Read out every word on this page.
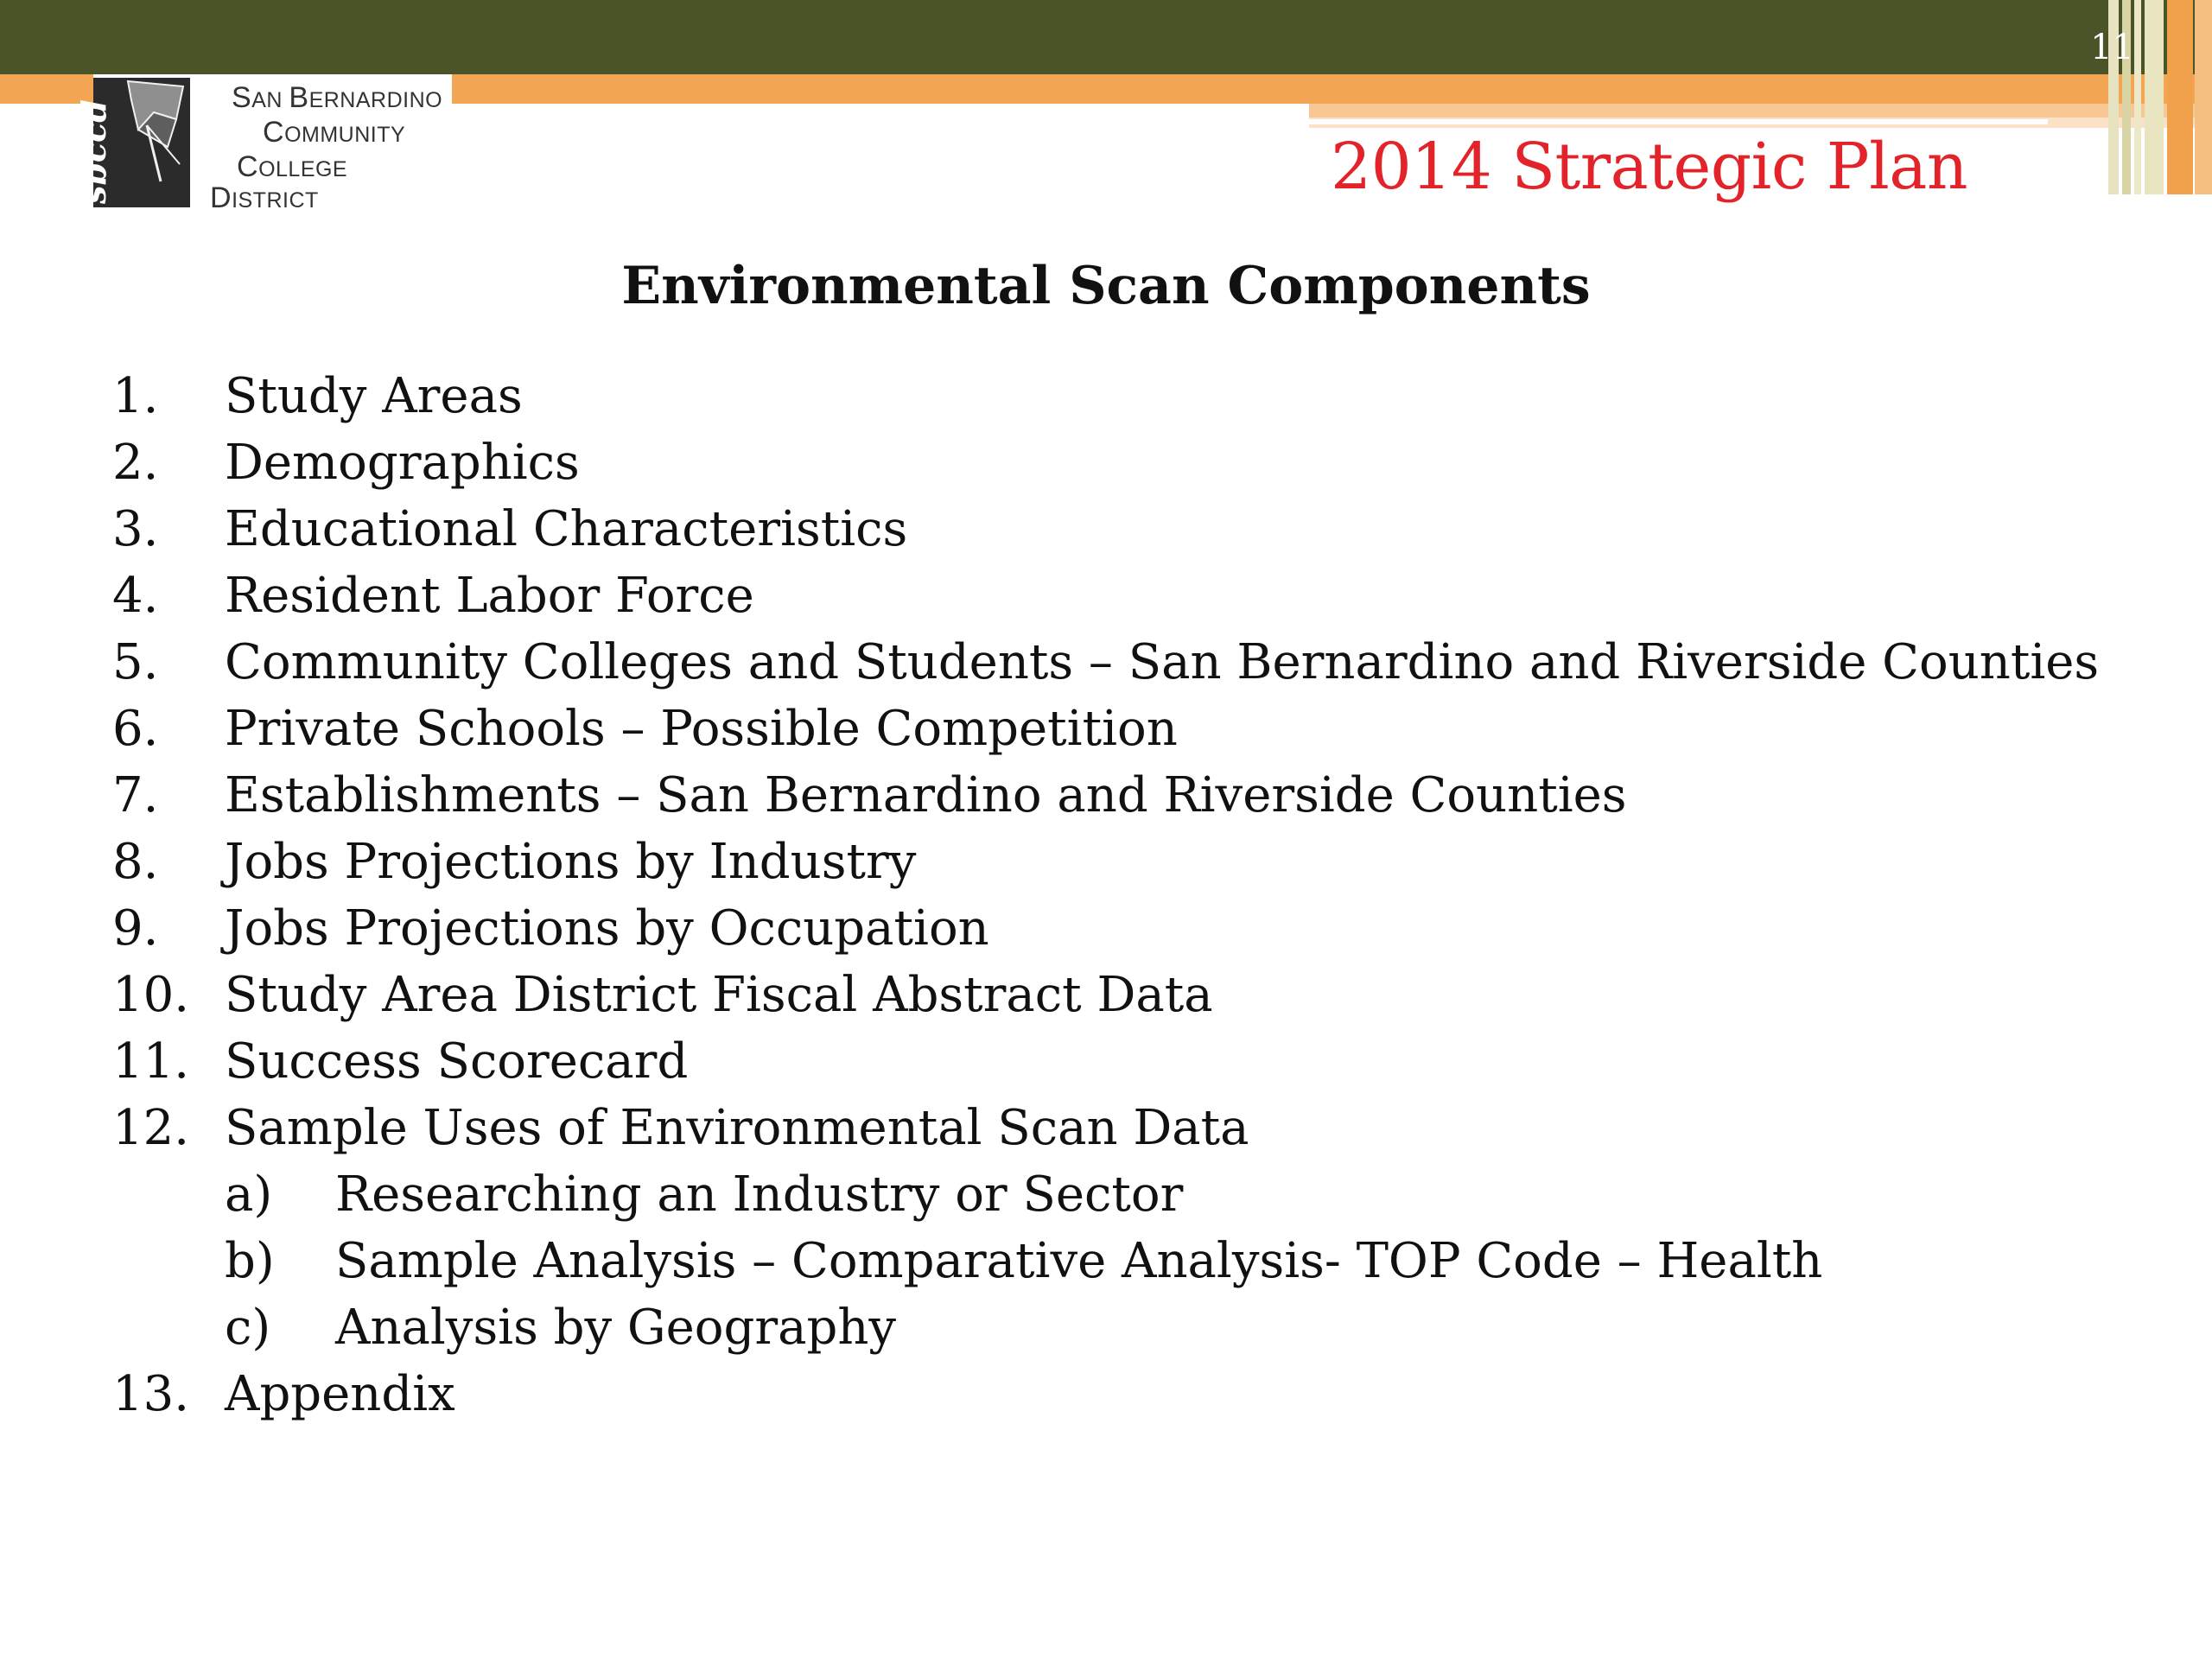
11
sbccd
SAN BERNARDINO
COMMUNITY
COLLEGE
DISTRICT	2014 Strategic Plan
Environmental Scan Components
1. Study Areas
2. Demographics
3. Educational Characteristics
4. Resident Labor Force
5. Community Colleges and Students – San Bernardino and Riverside Counties
6. Private Schools – Possible Competition
7. Establishments – San Bernardino and Riverside Counties
8. Jobs Projections by Industry
9. Jobs Projections by Occupation
10. Study Area District Fiscal Abstract Data
11. Success Scorecard
12. Sample Uses of Environmental Scan Data
a) Researching an Industry or Sector
b) Sample Analysis – Comparative Analysis- TOP Code – Health
c) Analysis by Geography
13. Appendix
